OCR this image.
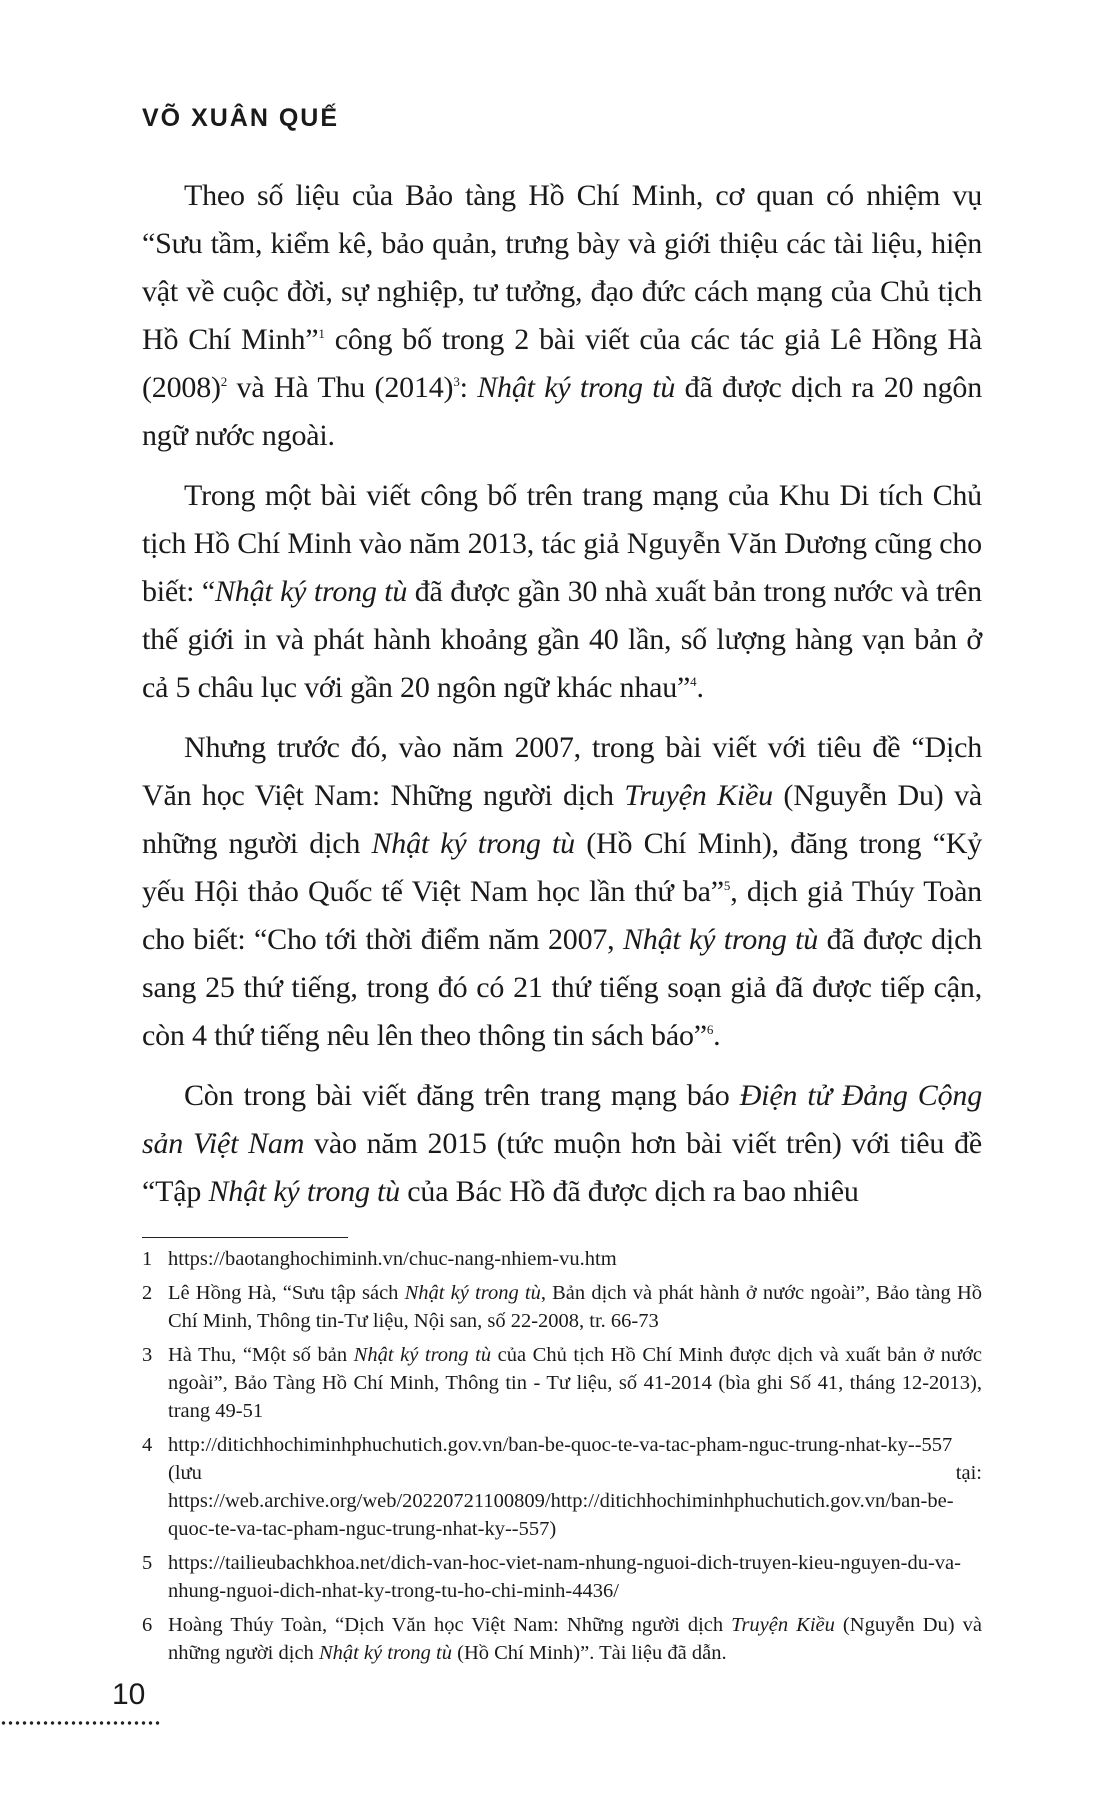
VÕ XUÂN QUẾ

Theo số liệu của Bảo tàng Hồ Chí Minh, cơ quan có nhiệm vụ “Sưu tầm, kiểm kê, bảo quản, trưng bày và giới thiệu các tài liệu, hiện vật về cuộc đời, sự nghiệp, tư tưởng, đạo đức cách mạng của Chủ tịch Hồ Chí Minh”$^1$ công bố trong 2 bài viết của các tác giả Lê Hồng Hà $(2008)^2$ và Hà Thu $(2014)^3$: Nhật ký trong tù đã được dịch ra 20 ngôn ngữ nước ngoài.

Trong một bài viết công bố trên trang mạng của Khu Di tích Chủ tịch Hồ Chí Minh vào năm 2013, tác giả Nguyễn Văn Dương cũng cho biết: “Nhật ký trong tù đã được gần 30 nhà xuất bản trong nước và trên thế giới in và phát hành khoảng gần 40 lần, số lượng hàng vạn bản ở cả 5 châu lục với gần 20 ngôn ngữ khác nhau”$^4$.

Nhưng trước đó, vào năm 2007, trong bài viết với tiêu đề “Dịch Văn học Việt Nam: Những người dịch Truyện Kiều (Nguyễn Du) và những người dịch Nhật ký trong tù (Hồ Chí Minh), đăng trong “Kỷ yếu Hội thảo Quốc tế Việt Nam học lần thứ ba”$^5$, dịch giả Thúy Toàn cho biết: “Cho tới thời điểm năm 2007, Nhật ký trong tù đã được dịch sang 25 thứ tiếng, trong đó có 21 thứ tiếng soạn giả đã được tiếp cận, còn 4 thứ tiếng nêu lên theo thông tin sách báo”$^6$.

Còn trong bài viết đăng trên trang mạng báo Điện tử Đảng Cộng sản Việt Nam vào năm 2015 (tức muộn hơn bài viết trên) với tiêu đề “Tập Nhật ký trong tù của Bác Hồ đã được dịch ra bao nhiêu

1 https://baotanghochiminh.vn/chuc-nang-nhiem-vu.htm
2 Lê Hồng Hà, “Sưu tập sách Nhật ký trong tù, Bản dịch và phát hành ở nước ngoài”, Bảo tàng Hồ Chí Minh, Thông tin-Tư liệu, Nội san, số 22-2008, tr. 66-73
3 Hà Thu, “Một số bản Nhật ký trong tù của Chủ tịch Hồ Chí Minh được dịch và xuất bản ở nước ngoài”, Bảo Tàng Hồ Chí Minh, Thông tin - Tư liệu, số 41-2014 (bìa ghi Số 41, tháng 12-2013), trang 49-51
4 http://ditichhochiminhphuchutich.gov.vn/ban-be-quoc-te-va-tac-pham-nguc-trung-nhat-ky--557 (lưu tại: https://web.archive.org/web/20220721100809/http://ditichhochiminhphuchutich.gov.vn/ban-be-quoc-te-va-tac-pham-nguc-trung-nhat-ky--557)
5 https://tailieubachkhoa.net/dich-van-hoc-viet-nam-nhung-nguoi-dich-truyen-kieu-nguyen-du-va-nhung-nguoi-dich-nhat-ky-trong-tu-ho-chi-minh-4436/
6 Hoàng Thúy Toàn, “Dịch Văn học Việt Nam: Những người dịch Truyện Kiều (Nguyễn Du) và những người dịch Nhật ký trong tù (Hồ Chí Minh)”. Tài liệu đã dẫn.
10
